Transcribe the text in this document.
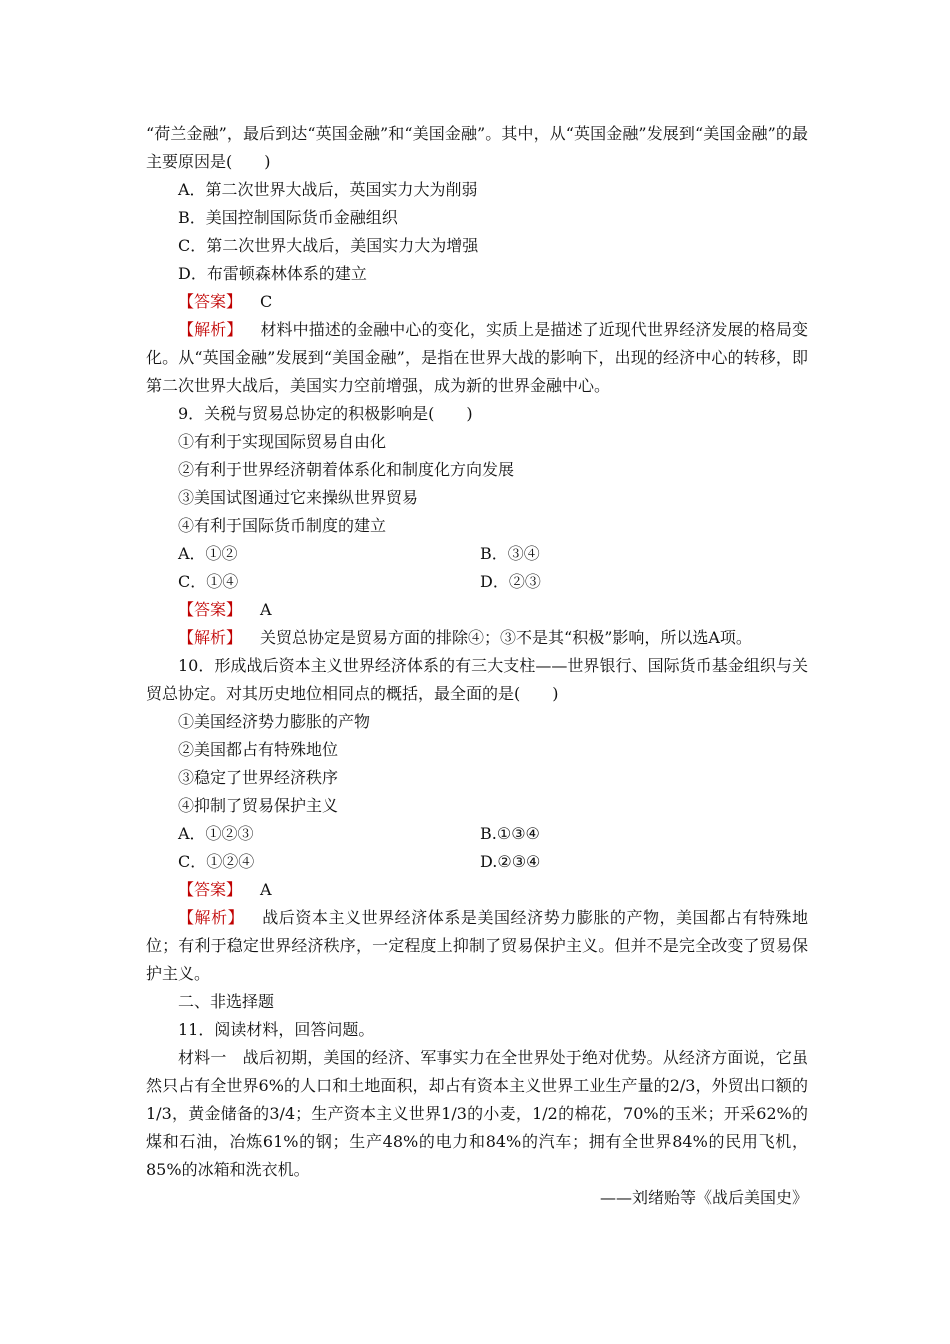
“荷兰金融”，最后到达“英国金融”和“美国金融”。其中，从“英国金融”发展到“美国金融”的最主要原因是(　　)

A．第二次世界大战后，英国实力大为削弱

B．美国控制国际货币金融组织

C．第二次世界大战后，美国实力大为增强

D．布雷顿森林体系的建立

【答案】 C

【解析】 材料中描述的金融中心的变化，实质上是描述了近现代世界经济发展的格局变化。从“英国金融”发展到“美国金融”，是指在世界大战的影响下，出现的经济中心的转移，即第二次世界大战后，美国实力空前增强，成为新的世界金融中心。

9．关税与贸易总协定的积极影响是(　　)

①有利于实现国际贸易自由化

②有利于世界经济朝着体系化和制度化方向发展

③美国试图通过它来操纵世界贸易

④有利于国际货币制度的建立

A．①②	B．③④
C．①④	D．②③

【答案】 A

【解析】 关贸总协定是贸易方面的排除④；③不是其“积极”影响，所以选A项。

10．形成战后资本主义世界经济体系的有三大支柱——世界银行、国际货币基金组织与关贸总协定。对其历史地位相同点的概括，最全面的是(　　)

①美国经济势力膨胀的产物

②美国都占有特殊地位

③稳定了世界经济秩序

④抑制了贸易保护主义

A．①②③	B.①③④
C．①②④	D.②③④

【答案】 A

【解析】 战后资本主义世界经济体系是美国经济势力膨胀的产物，美国都占有特殊地位；有利于稳定世界经济秩序，一定程度上抑制了贸易保护主义。但并不是完全改变了贸易保护主义。

二、非选择题

11．阅读材料，回答问题。

材料一　战后初期，美国的经济、军事实力在全世界处于绝对优势。从经济方面说，它虽然只占有全世界6%的人口和土地面积，却占有资本主义世界工业生产量的2/3，外贸出口额的1/3，黄金储备的3/4；生产资本主义世界1/3的小麦，1/2的棉花，70%的玉米；开采62%的煤和石油，冶炼61%的钢；生产48%的电力和84%的汽车；拥有全世界84%的民用飞机，85%的冰箱和洗衣机。

——刘绪贻等《战后美国史》
